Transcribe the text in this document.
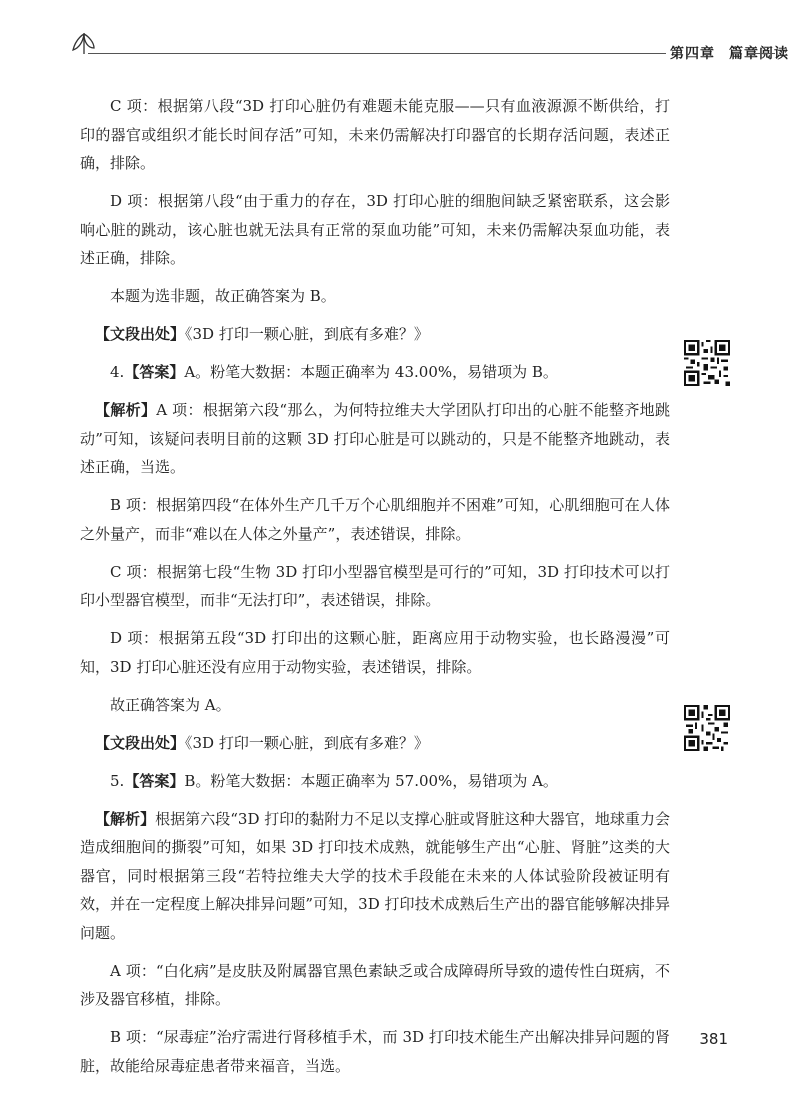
第四章 篇章阅读

C 项：根据第八段“3D 打印心脏仍有难题未能克服——只有血液源源不断供给，打印的器官或组织才能长时间存活”可知，未来仍需解决打印器官的长期存活问题，表述正确，排除。

D 项：根据第八段“由于重力的存在，3D 打印心脏的细胞间缺乏紧密联系，这会影响心脏的跳动，该心脏也就无法具有正常的泵血功能”可知，未来仍需解决泵血功能，表述正确，排除。

本题为选非题，故正确答案为 B。

【文段出处】《3D 打印一颗心脏，到底有多难？》

4.【答案】A。粉笔大数据：本题正确率为 43.00%，易错项为 B。

【解析】A 项：根据第六段“那么，为何特拉维夫大学团队打印出的心脏不能整齐地跳动”可知，该疑问表明目前的这颗 3D 打印心脏是可以跳动的，只是不能整齐地跳动，表述正确，当选。

B 项：根据第四段“在体外生产几千万个心肌细胞并不困难”可知，心肌细胞可在人体之外量产，而非“难以在人体之外量产”，表述错误，排除。

C 项：根据第七段“生物 3D 打印小型器官模型是可行的”可知，3D 打印技术可以打印小型器官模型，而非“无法打印”，表述错误，排除。

D 项：根据第五段“3D 打印出的这颗心脏，距离应用于动物实验，也长路漫漫”可知，3D 打印心脏还没有应用于动物实验，表述错误，排除。

故正确答案为 A。

【文段出处】《3D 打印一颗心脏，到底有多难？》

5.【答案】B。粉笔大数据：本题正确率为 57.00%，易错项为 A。

【解析】根据第六段“3D 打印的黏附力不足以支撑心脏或肾脏这种大器官，地球重力会造成细胞间的撕裂”可知，如果 3D 打印技术成熟，就能够生产出“心脏、肾脏”这类的大器官，同时根据第三段“若特拉维夫大学的技术手段能在未来的人体试验阶段被证明有效，并在一定程度上解决排异问题”可知，3D 打印技术成熟后生产出的器官能够解决排异问题。

A 项：“白化病”是皮肤及附属器官黑色素缺乏或合成障碍所导致的遗传性白斑病，不涉及器官移植，排除。

B 项：“尿毒症”治疗需进行肾移植手术，而 3D 打印技术能生产出解决排异问题的肾脏，故能给尿毒症患者带来福音，当选。

381
